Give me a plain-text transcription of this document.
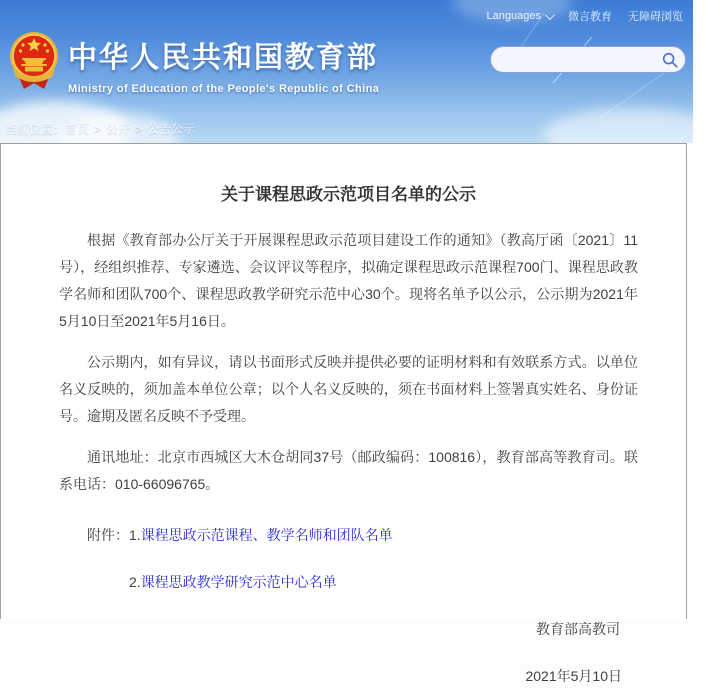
Languages 微言教育 无障碍浏览
中华人民共和国教育部
Ministry of Education of the People's Republic of China
当前位置：首页 > 公开 > 公告公示
关于课程思政示范项目名单的公示

根据《教育部办公厅关于开展课程思政示范项目建设工作的通知》（教高厅函〔2021〕11号），经组织推荐、专家遴选、会议评议等程序，拟确定课程思政示范课程700门、课程思政教学名师和团队700个、课程思政教学研究示范中心30个。现将名单予以公示，公示期为2021年5月10日至2021年5月16日。

公示期内，如有异议，请以书面形式反映并提供必要的证明材料和有效联系方式。以单位名义反映的，须加盖本单位公章；以个人名义反映的，须在书面材料上签署真实姓名、身份证号。逾期及匿名反映不予受理。

通讯地址：北京市西城区大木仓胡同37号（邮政编码：100816），教育部高等教育司。联系电话：010-66096765。

附件：1.课程思政示范课程、教学名师和团队名单
2.课程思政教学研究示范中心名单
教育部高教司
2021年5月10日
